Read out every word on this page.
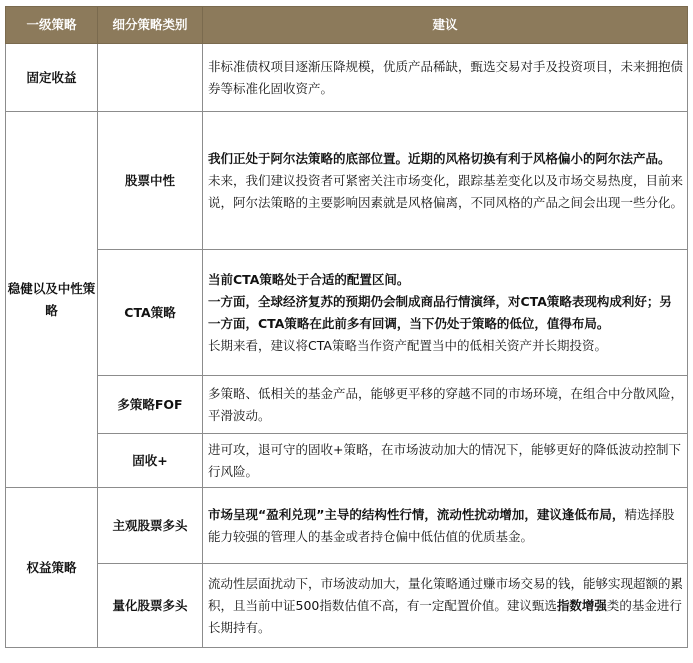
一级策略	细分策略类别	建议
固定收益		非标准债权项目逐渐压降规模，优质产品稀缺，甄选交易对手及投资项目，未来拥抱债券等标准化固收资产。
稳健以及中性策略	股票中性	我们正处于阿尔法策略的底部位置。近期的风格切换有利于风格偏小的阿尔法产品。
未来，我们建议投资者可紧密关注市场变化，跟踪基差变化以及市场交易热度，目前来说，阿尔法策略的主要影响因素就是风格偏离，不同风格的产品之间会出现一些分化。

	CTA策略	当前CTA策略处于合适的配置区间。
一方面，全球经济复苏的预期仍会制成商品行情演绎，对CTA策略表现构成利好；另一方面，CTA策略在此前多有回调，当下仍处于策略的低位，值得布局。
长期来看，建议将CTA策略当作资产配置当中的低相关资产并长期投资。

	多策略FOF	多策略、低相关的基金产品，能够更平移的穿越不同的市场环境，在组合中分散风险，平滑波动。
	固收+	进可攻，退可守的固收+策略，在市场波动加大的情况下，能够更好的降低波动控制下行风险。
权益策略	主观股票多头	市场呈现“盈利兑现”主导的结构性行情，流动性扰动增加，建议逢低布局，精选择股能力较强的管理人的基金或者持仓偏中低估值的优质基金。
	量化股票多头	流动性层面扰动下，市场波动加大，量化策略通过赚市场交易的钱，能够实现超额的累积，且当前中证500指数估值不高，有一定配置价值。建议甄选指数增强类的基金进行长期持有。
